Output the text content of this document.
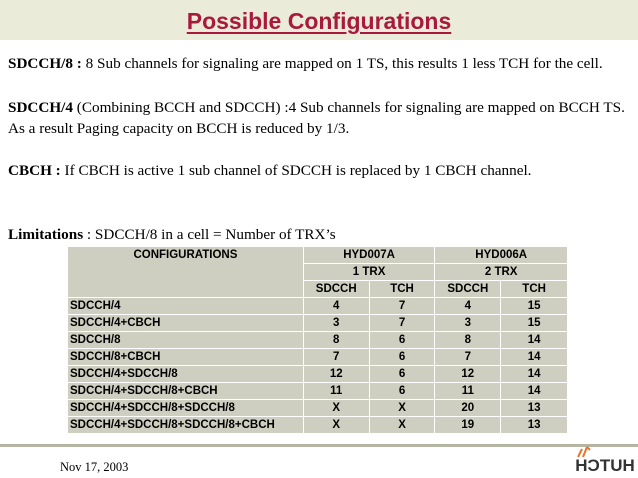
Possible Configurations

SDCCH/8 : 8 Sub channels for signaling are mapped on 1 TS, this results 1 less TCH for the cell.

SDCCH/4 (Combining BCCH and SDCCH) :4 Sub channels for signaling are mapped on BCCH TS. As a result Paging capacity on BCCH is reduced by 1/3.

CBCH : If CBCH is active 1 sub channel of SDCCH is replaced by 1 CBCH channel.

Limitations : SDCCH/8 in a cell = Number of TRX’s

CONFIGURATIONS	HYD007A		HYD006A	
	1 TRX		2 TRX	
	SDCCH	TCH	SDCCH	TCH
SDCCH/4	4	7	4	15
SDCCH/4+CBCH	3	7	3	15
SDCCH/8	8	6	8	14
SDCCH/8+CBCH	7	6	7	14
SDCCH/4+SDCCH/8	12	6	12	14
SDCCH/4+SDCCH/8+CBCH	11	6	11	14
SDCCH/4+SDCCH/8+SDCCH/8	X	X	20	13
SDCCH/4+SDCCH/8+SDCCH/8+CBCH	X	X	19	13
Nov 17, 2003	HUTCH
